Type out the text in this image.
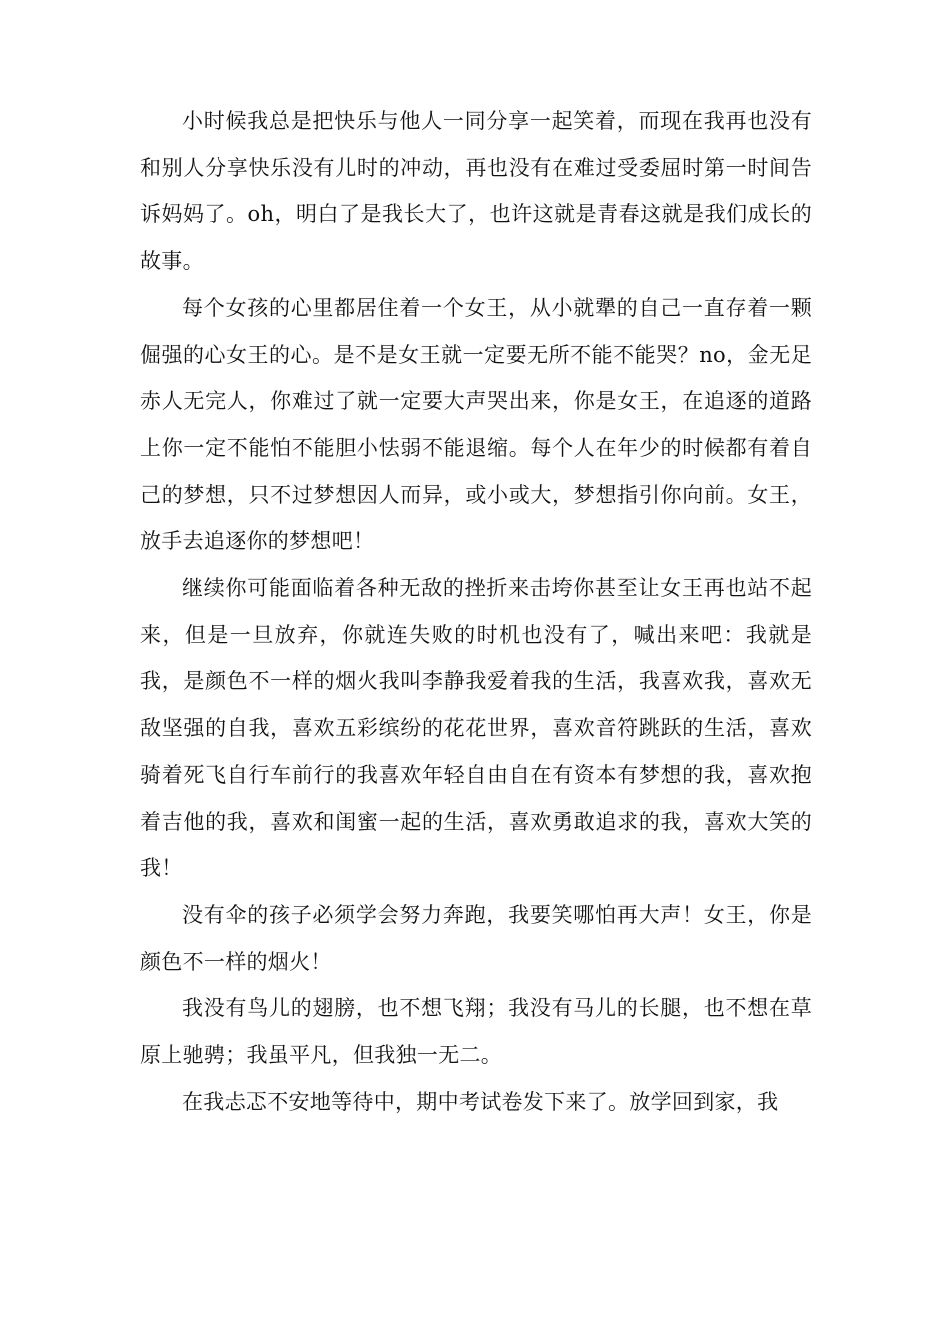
小时候我总是把快乐与他人一同分享一起笑着，而现在我再也没有和别人分享快乐没有儿时的冲动，再也没有在难过受委屈时第一时间告诉妈妈了。oh，明白了是我长大了，也许这就是青春这就是我们成长的故事。

每个女孩的心里都居住着一个女王，从小就犟的自己一直存着一颗倔强的心女王的心。是不是女王就一定要无所不能不能哭？no，金无足赤人无完人，你难过了就一定要大声哭出来，你是女王，在追逐的道路上你一定不能怕不能胆小怯弱不能退缩。每个人在年少的时候都有着自己的梦想，只不过梦想因人而异，或小或大，梦想指引你向前。女王，放手去追逐你的梦想吧！

继续你可能面临着各种无敌的挫折来击垮你甚至让女王再也站不起来，但是一旦放弃，你就连失败的时机也没有了，喊出来吧：我就是我，是颜色不一样的烟火我叫李静我爱着我的生活，我喜欢我，喜欢无敌坚强的自我，喜欢五彩缤纷的花花世界，喜欢音符跳跃的生活，喜欢骑着死飞自行车前行的我喜欢年轻自由自在有资本有梦想的我，喜欢抱着吉他的我，喜欢和闺蜜一起的生活，喜欢勇敢追求的我，喜欢大笑的我！

没有伞的孩子必须学会努力奔跑，我要笑哪怕再大声！女王，你是颜色不一样的烟火！

我没有鸟儿的翅膀，也不想飞翔；我没有马儿的长腿，也不想在草原上驰骋；我虽平凡，但我独一无二。

在我忐忑不安地等待中，期中考试卷发下来了。放学回到家，我
